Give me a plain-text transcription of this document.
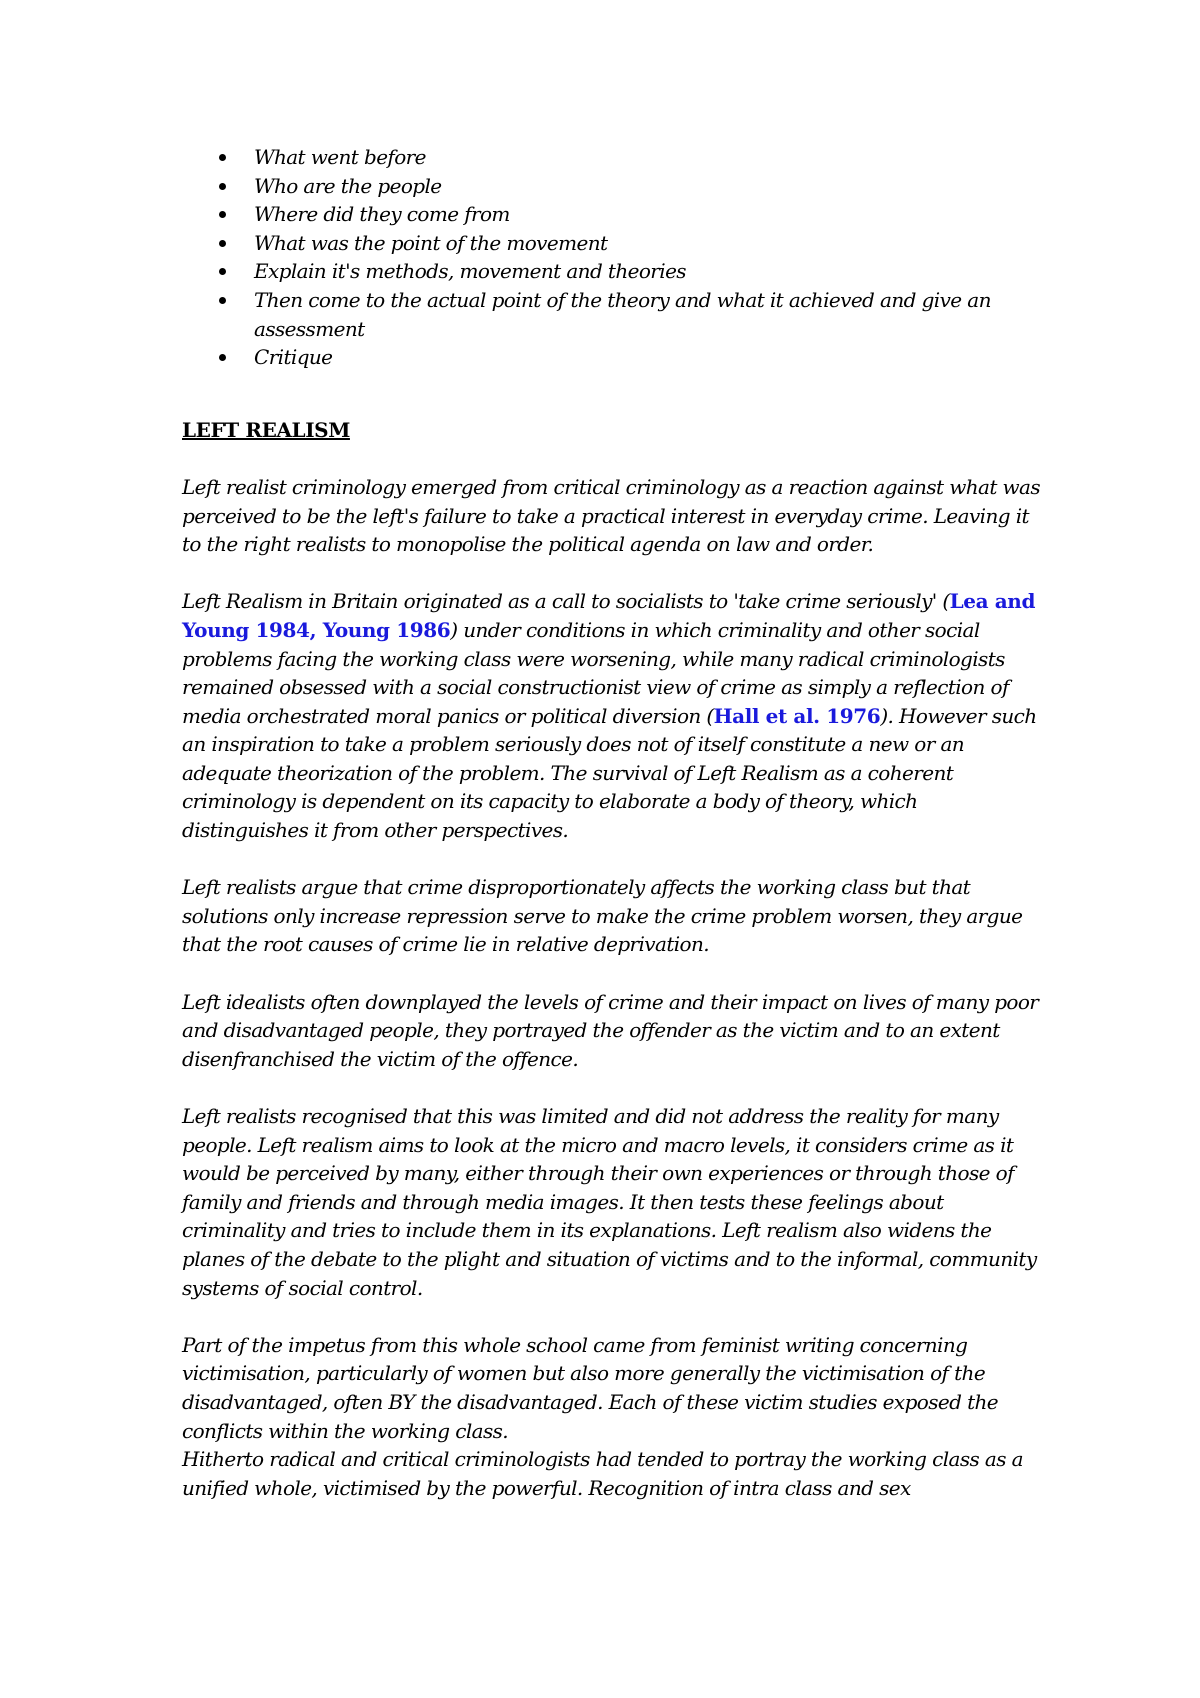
What went before
Who are the people
Where did they come from
What was the point of the movement
Explain it's methods, movement and theories
Then come to the actual point of the theory and what it achieved and give an assessment
Critique
LEFT REALISM

Left realist criminology emerged from critical criminology as a reaction against what was perceived to be the left's failure to take a practical interest in everyday crime. Leaving it to the right realists to monopolise the political agenda on law and order.

Left Realism in Britain originated as a call to socialists to 'take crime seriously' (Lea and Young 1984, Young 1986) under conditions in which criminality and other social problems facing the working class were worsening, while many radical criminologists remained obsessed with a social constructionist view of crime as simply a reflection of media orchestrated moral panics or political diversion (Hall et al. 1976). However such an inspiration to take a problem seriously does not of itself constitute a new or an adequate theorization of the problem. The survival of Left Realism as a coherent criminology is dependent on its capacity to elaborate a body of theory, which distinguishes it from other perspectives.

Left realists argue that crime disproportionately affects the working class but that solutions only increase repression serve to make the crime problem worsen, they argue that the root causes of crime lie in relative deprivation.

Left idealists often downplayed the levels of crime and their impact on lives of many poor and disadvantaged people, they portrayed the offender as the victim and to an extent disenfranchised the victim of the offence.

Left realists recognised that this was limited and did not address the reality for many people. Left realism aims to look at the micro and macro levels, it considers crime as it would be perceived by many, either through their own experiences or through those of family and friends and through media images. It then tests these feelings about criminality and tries to include them in its explanations. Left realism also widens the planes of the debate to the plight and situation of victims and to the informal, community systems of social control.

Part of the impetus from this whole school came from feminist writing concerning victimisation, particularly of women but also more generally the victimisation of the disadvantaged, often BY the disadvantaged. Each of these victim studies exposed the conflicts within the working class.

Hitherto radical and critical criminologists had tended to portray the working class as a unified whole, victimised by the powerful. Recognition of intra class and sex
